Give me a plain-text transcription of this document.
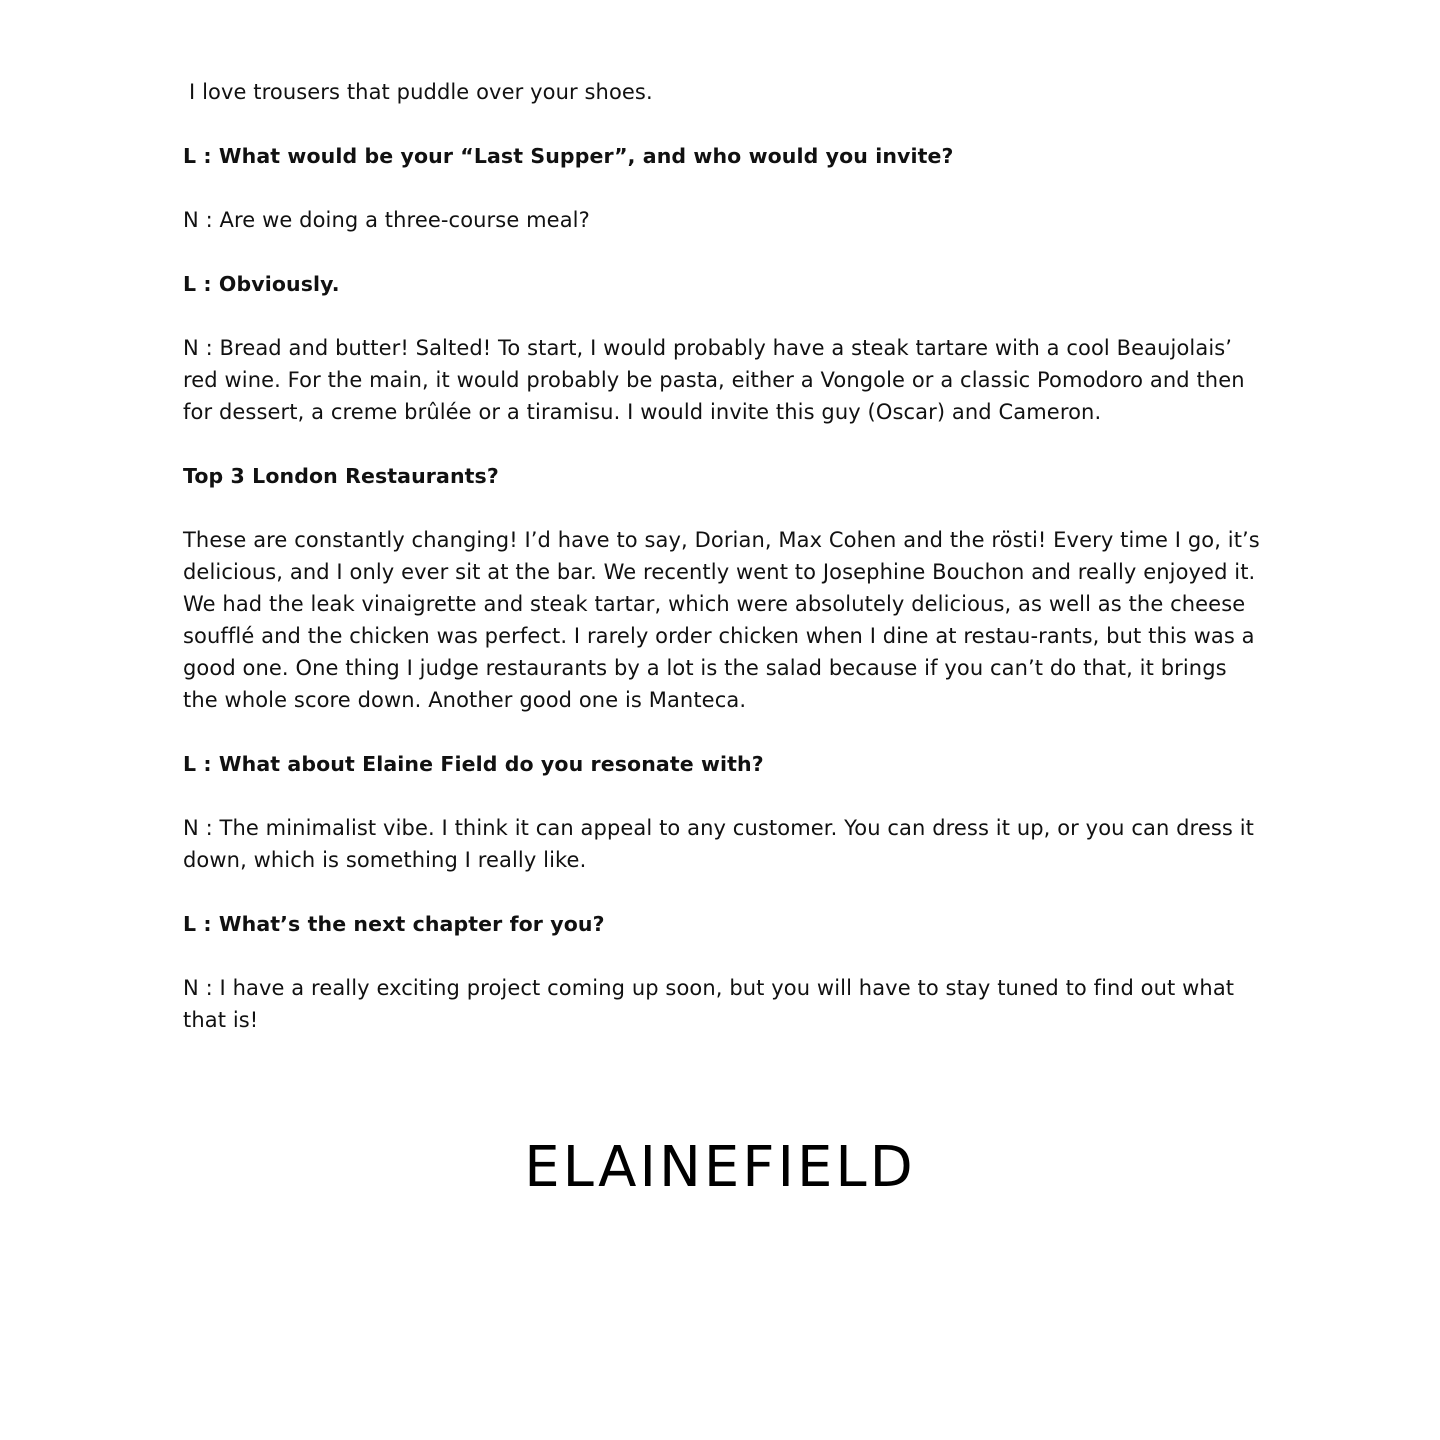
I love trousers that puddle over your shoes.

L : What would be your “Last Supper”, and who would you invite?

N : Are we doing a three-course meal?

L : Obviously.

N : Bread and butter! Salted! To start, I would probably have a steak tartare with a cool Beaujolais’ red wine. For the main, it would probably be pasta, either a Vongole or a classic Pomodoro and then for dessert, a creme brûlée or a tiramisu. I would invite this guy (Oscar) and Cameron.

Top 3 London Restaurants?

These are constantly changing! I’d have to say, Dorian, Max Cohen and the rösti! Every time I go, it’s delicious, and I only ever sit at the bar. We recently went to Josephine Bouchon and really enjoyed it. We had the leak vinaigrette and steak tartar, which were absolutely delicious, as well as the cheese soufflé and the chicken was perfect. I rarely order chicken when I dine at restau-rants, but this was a good one. One thing I judge restaurants by a lot is the salad because if you can’t do that, it brings the whole score down. Another good one is Manteca.

L : What about Elaine Field do you resonate with?

N : The minimalist vibe. I think it can appeal to any customer. You can dress it up, or you can dress it down, which is something I really like.

L : What’s the next chapter for you?

N : I have a really exciting project coming up soon, but you will have to stay tuned to find out what that is!

ELAINEFIELD
